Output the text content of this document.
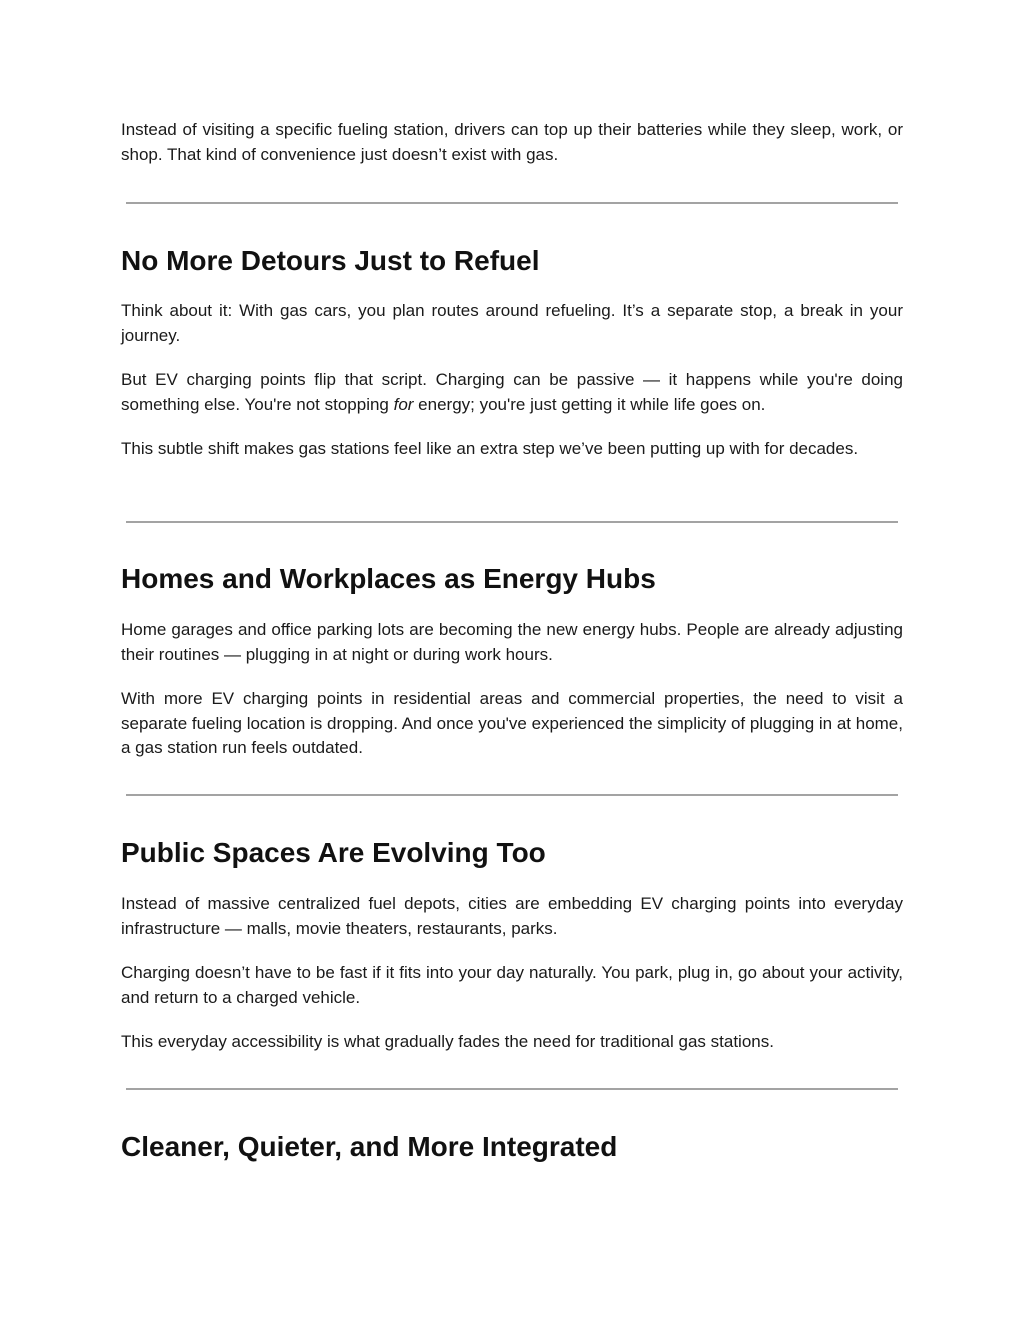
Instead of visiting a specific fueling station, drivers can top up their batteries while they sleep, work, or shop. That kind of convenience just doesn’t exist with gas.

No More Detours Just to Refuel

Think about it: With gas cars, you plan routes around refueling. It’s a separate stop, a break in your journey.

But EV charging points flip that script. Charging can be passive — it happens while you're doing something else. You're not stopping for energy; you're just getting it while life goes on.

This subtle shift makes gas stations feel like an extra step we’ve been putting up with for decades.

Homes and Workplaces as Energy Hubs

Home garages and office parking lots are becoming the new energy hubs. People are already adjusting their routines — plugging in at night or during work hours.

With more EV charging points in residential areas and commercial properties, the need to visit a separate fueling location is dropping. And once you've experienced the simplicity of plugging in at home, a gas station run feels outdated.

Public Spaces Are Evolving Too

Instead of massive centralized fuel depots, cities are embedding EV charging points into everyday infrastructure — malls, movie theaters, restaurants, parks.

Charging doesn’t have to be fast if it fits into your day naturally. You park, plug in, go about your activity, and return to a charged vehicle.

This everyday accessibility is what gradually fades the need for traditional gas stations.

Cleaner, Quieter, and More Integrated
